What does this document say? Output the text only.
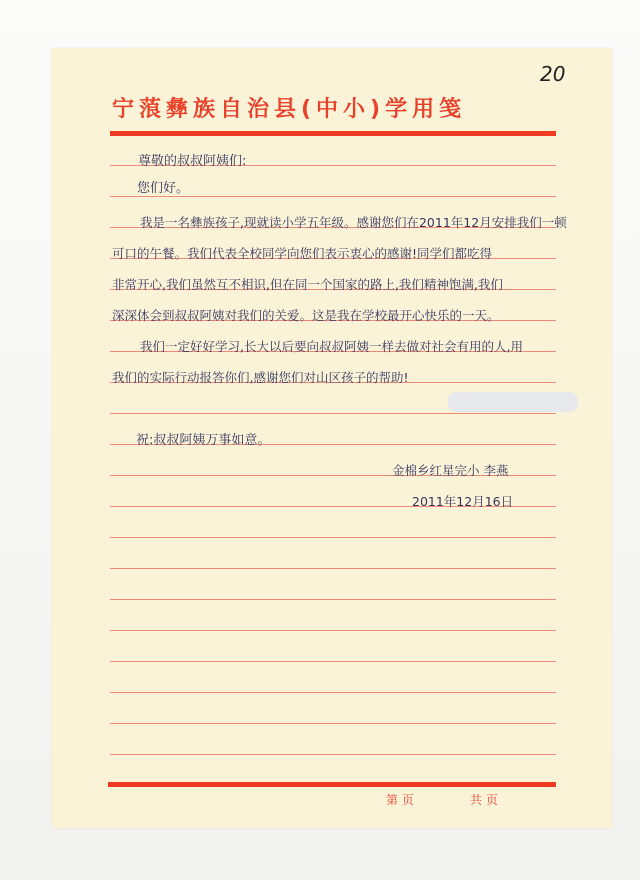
20
宁蒗彝族自治县(中小)学用笺
尊敬的叔叔阿姨们:
您们好。
我是一名彝族孩子,现就读小学五年级。感谢您们在2011年12月安排我们一顿
可口的午餐。我们代表全校同学向您们表示衷心的感谢!同学们都吃得
非常开心,我们虽然互不相识,但在同一个国家的路上,我们精神饱满,我们
深深体会到叔叔阿姨对我们的关爱。这是我在学校最开心快乐的一天。
我们一定好好学习,长大以后要向叔叔阿姨一样去做对社会有用的人,用
我们的实际行动报答你们,感谢您们对山区孩子的帮助!
祝:叔叔阿姨万事如意。
金棉乡红星完小 李燕
2011年12月16日
第 页	共 页
